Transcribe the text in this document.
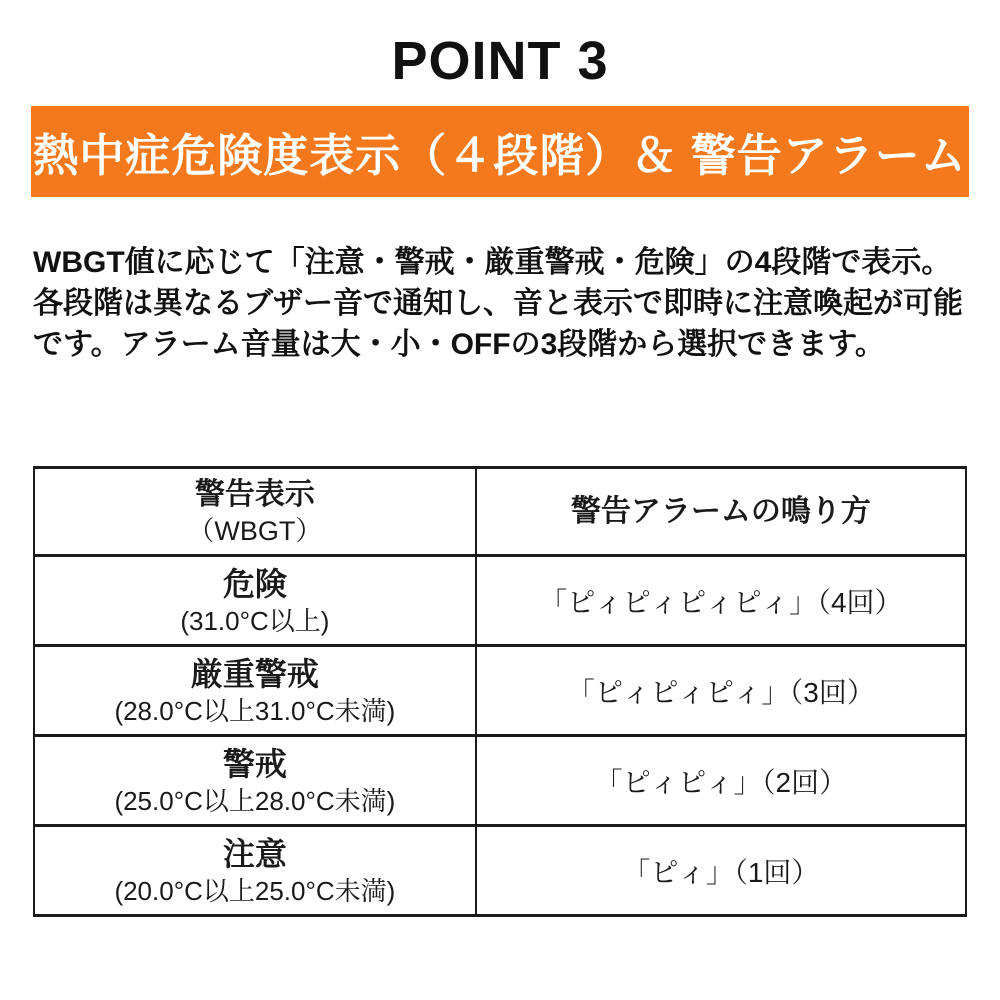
POINT 3
熱中症危険度表示（４段階）＆ 警告アラーム
WBGT値に応じて「注意・警戒・厳重警戒・危険」の4段階で表示。
各段階は異なるブザー音で通知し、音と表示で即時に注意喚起が可能
です。アラーム音量は大・小・OFFの3段階から選択できます。
警告表示
（WBGT）	警告アラームの鳴り方

危険
(31.0°C以上)	「ピィピィピィピィ」（4回）

厳重警戒
(28.0°C以上31.0°C未満)	「ピィピィピィ」（3回）

警戒
(25.0°C以上28.0°C未満)	「ピィピィ」（2回）

注意
(20.0°C以上25.0°C未満)	「ピィ」（1回）
